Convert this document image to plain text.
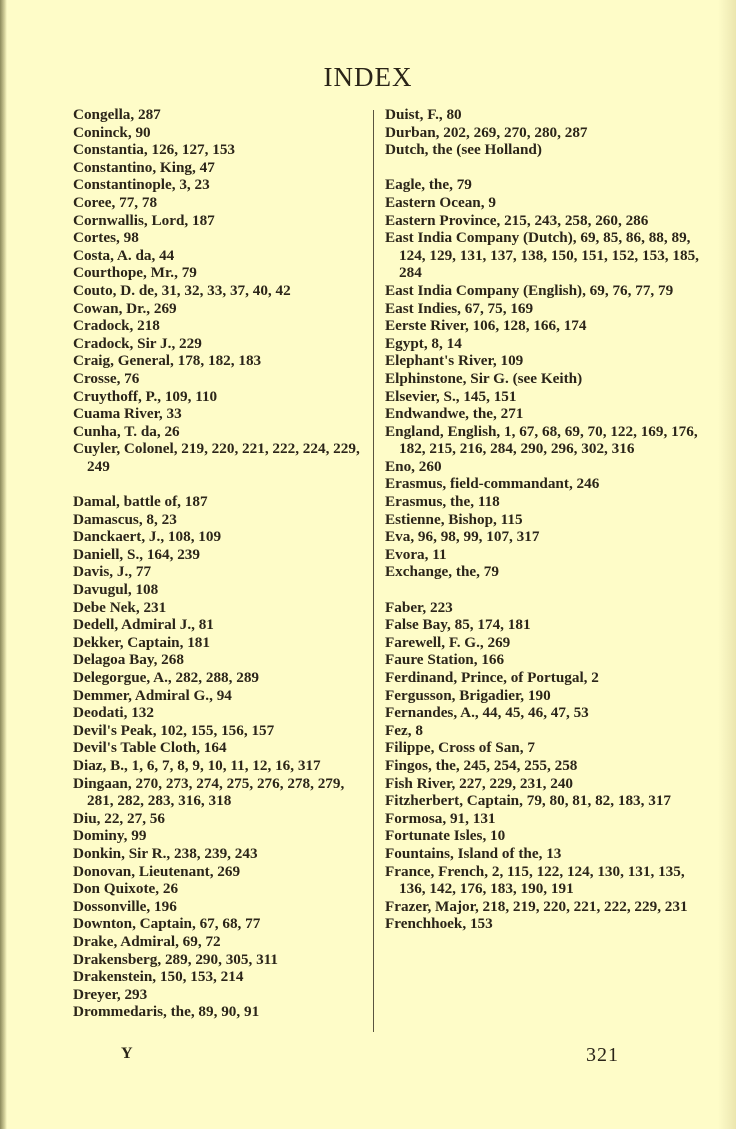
INDEX
Congella, 287
Coninck, 90
Constantia, 126, 127, 153
Constantino, King, 47
Constantinople, 3, 23
Coree, 77, 78
Cornwallis, Lord, 187
Cortes, 98
Costa, A. da, 44
Courthope, Mr., 79
Couto, D. de, 31, 32, 33, 37, 40, 42
Cowan, Dr., 269
Cradock, 218
Cradock, Sir J., 229
Craig, General, 178, 182, 183
Crosse, 76
Cruythoff, P., 109, 110
Cuama River, 33
Cunha, T. da, 26
Cuyler, Colonel, 219, 220, 221, 222, 224, 229, 249
Damal, battle of, 187
Damascus, 8, 23
Danckaert, J., 108, 109
Daniell, S., 164, 239
Davis, J., 77
Davugul, 108
Debe Nek, 231
Dedell, Admiral J., 81
Dekker, Captain, 181
Delagoa Bay, 268
Delegorgue, A., 282, 288, 289
Demmer, Admiral G., 94
Deodati, 132
Devil's Peak, 102, 155, 156, 157
Devil's Table Cloth, 164
Diaz, B., 1, 6, 7, 8, 9, 10, 11, 12, 16, 317
Dingaan, 270, 273, 274, 275, 276, 278, 279, 281, 282, 283, 316, 318
Diu, 22, 27, 56
Dominy, 99
Donkin, Sir R., 238, 239, 243
Donovan, Lieutenant, 269
Don Quixote, 26
Dossonville, 196
Downton, Captain, 67, 68, 77
Drake, Admiral, 69, 72
Drakensberg, 289, 290, 305, 311
Drakenstein, 150, 153, 214
Dreyer, 293
Drommedaris, the, 89, 90, 91
Duist, F., 80
Durban, 202, 269, 270, 280, 287
Dutch, the (see Holland)
Eagle, the, 79
Eastern Ocean, 9
Eastern Province, 215, 243, 258, 260, 286
East India Company (Dutch), 69, 85, 86, 88, 89, 124, 129, 131, 137, 138, 150, 151, 152, 153, 185, 284
East India Company (English), 69, 76, 77, 79
East Indies, 67, 75, 169
Eerste River, 106, 128, 166, 174
Egypt, 8, 14
Elephant's River, 109
Elphinstone, Sir G. (see Keith)
Elsevier, S., 145, 151
Endwandwe, the, 271
England, English, 1, 67, 68, 69, 70, 122, 169, 176, 182, 215, 216, 284, 290, 296, 302, 316
Eno, 260
Erasmus, field-commandant, 246
Erasmus, the, 118
Estienne, Bishop, 115
Eva, 96, 98, 99, 107, 317
Evora, 11
Exchange, the, 79
Faber, 223
False Bay, 85, 174, 181
Farewell, F. G., 269
Faure Station, 166
Ferdinand, Prince, of Portugal, 2
Fergusson, Brigadier, 190
Fernandes, A., 44, 45, 46, 47, 53
Fez, 8
Filippe, Cross of San, 7
Fingos, the, 245, 254, 255, 258
Fish River, 227, 229, 231, 240
Fitzherbert, Captain, 79, 80, 81, 82, 183, 317
Formosa, 91, 131
Fortunate Isles, 10
Fountains, Island of the, 13
France, French, 2, 115, 122, 124, 130, 131, 135, 136, 142, 176, 183, 190, 191
Frazer, Major, 218, 219, 220, 221, 222, 229, 231
Frenchhoek, 153
Y	321
